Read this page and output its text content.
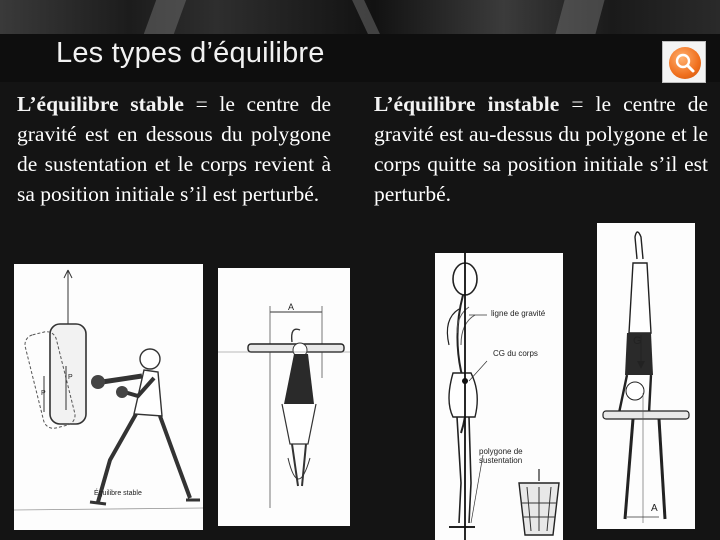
Les types d’équilibre

L’équilibre stable = le centre de gravité est en dessous du polygone de sustentation et le corps revient à sa position initiale s’il est perturbé.

L’équilibre instable = le centre de gravité est au-dessus du polygone et le corps quitte sa position initiale s’il est perturbé.

Équilibre stable
P
P
A
ligne de gravité
CG du corps
polygone de sustentation
G
A
